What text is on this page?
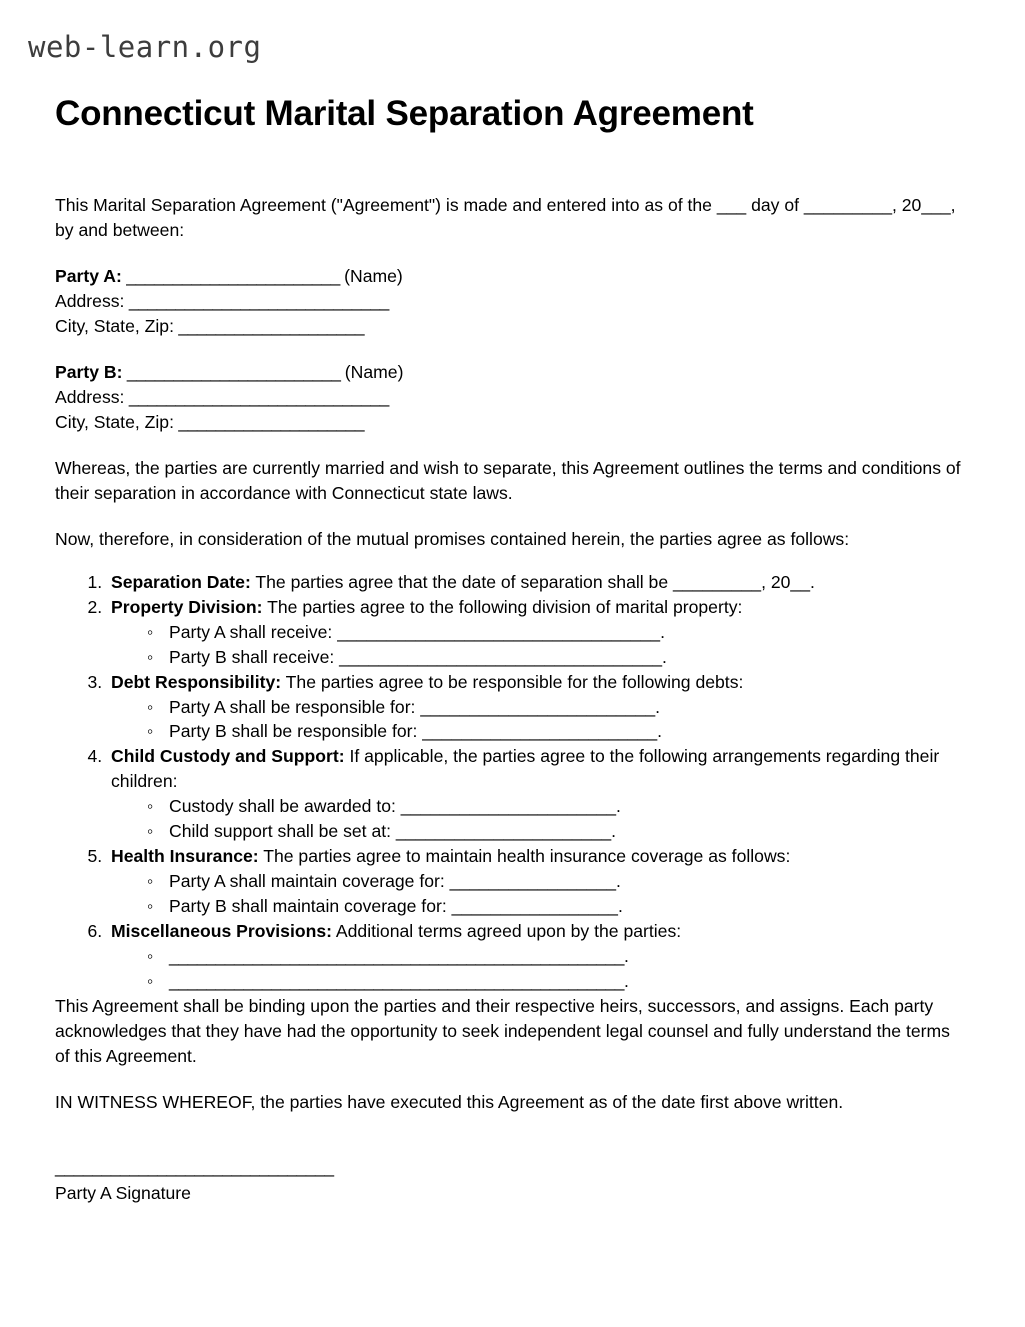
web-learn.org
Connecticut Marital Separation Agreement

This Marital Separation Agreement ("Agreement") is made and entered into as of the ___ day of _________, 20___, by and between:

Party A: _______________________ (Name)
Address: ____________________________
City, State, Zip: ____________________
Party B: _______________________ (Name)
Address: ____________________________
City, State, Zip: ____________________

Whereas, the parties are currently married and wish to separate, this Agreement outlines the terms and conditions of their separation in accordance with Connecticut state laws.

Now, therefore, in consideration of the mutual promises contained herein, the parties agree as follows:

1. Separation Date: The parties agree that the date of separation shall be _________, 20__.
2. Property Division: The parties agree to the following division of marital property:
◦ Party A shall receive: _________________________________.
◦ Party B shall receive: _________________________________.
3. Debt Responsibility: The parties agree to be responsible for the following debts:
◦ Party A shall be responsible for: ________________________.
◦ Party B shall be responsible for: ________________________.
4. Child Custody and Support: If applicable, the parties agree to the following arrangements regarding their children:
◦ Custody shall be awarded to: ______________________.
◦ Child support shall be set at: ______________________.
5. Health Insurance: The parties agree to maintain health insurance coverage as follows:
◦ Party A shall maintain coverage for: _________________.
◦ Party B shall maintain coverage for: _________________.
6. Miscellaneous Provisions: Additional terms agreed upon by the parties:
◦ _________________________________________________.
◦ _________________________________________________.

This Agreement shall be binding upon the parties and their respective heirs, successors, and assigns. Each party acknowledges that they have had the opportunity to seek independent legal counsel and fully understand the terms of this Agreement.

IN WITNESS WHEREOF, the parties have executed this Agreement as of the date first above written.

______________________________
Party A Signature
